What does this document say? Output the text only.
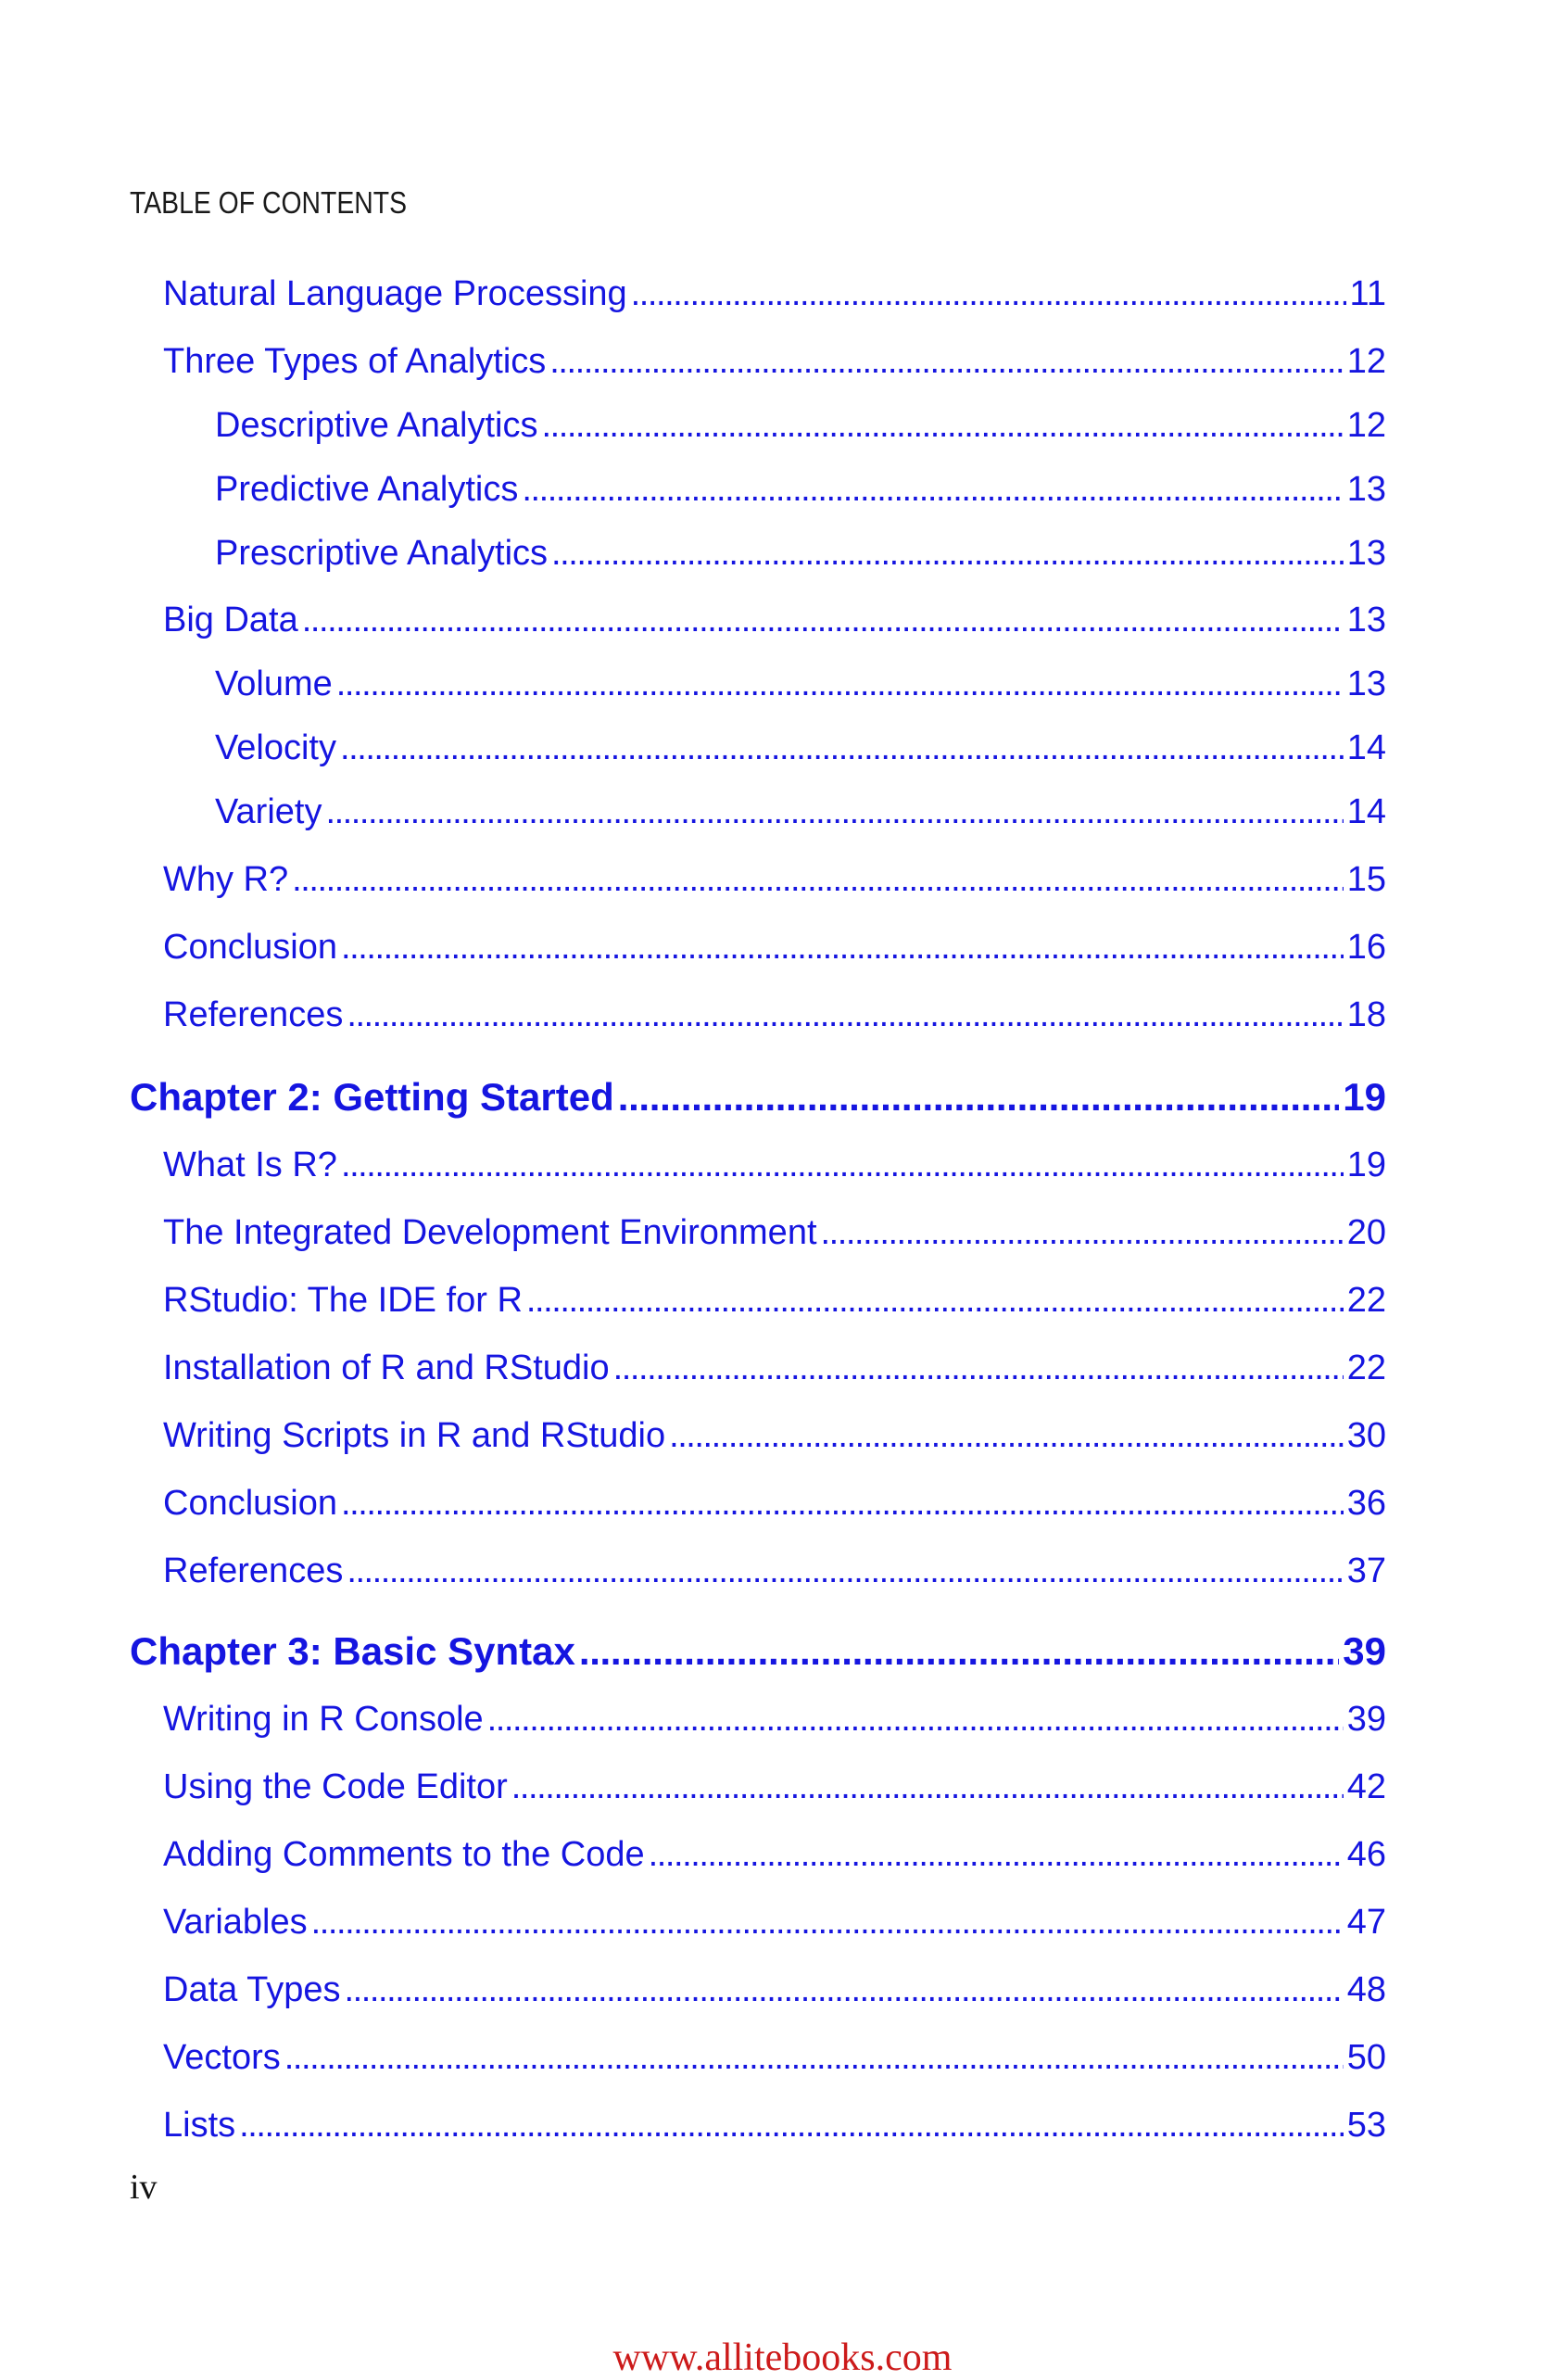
TABLE OF CONTENTS
Natural Language Processing . . .	11
Three Types of Analytics . . .	12
Descriptive Analytics . . .	12
Predictive Analytics . . .	13
Prescriptive Analytics . . .	13
Big Data . . .	13
Volume . . .	13
Velocity . . .	14
Variety . . .	14
Why R? . . .	15
Conclusion . . .	16
References . . .	18
Chapter 2: Getting Started . . .	19
What Is R? . . .	19
The Integrated Development Environment . . .	20
RStudio: The IDE for R . . .	22
Installation of R and RStudio . . .	22
Writing Scripts in R and RStudio . . .	30
Conclusion . . .	36
References . . .	37
Chapter 3: Basic Syntax . . .	39
Writing in R Console . . .	39
Using the Code Editor . . .	42
Adding Comments to the Code . . .	46
Variables . . .	47
Data Types . . .	48
Vectors . . .	50
Lists . . .	53
iv
www.allitebooks.com
